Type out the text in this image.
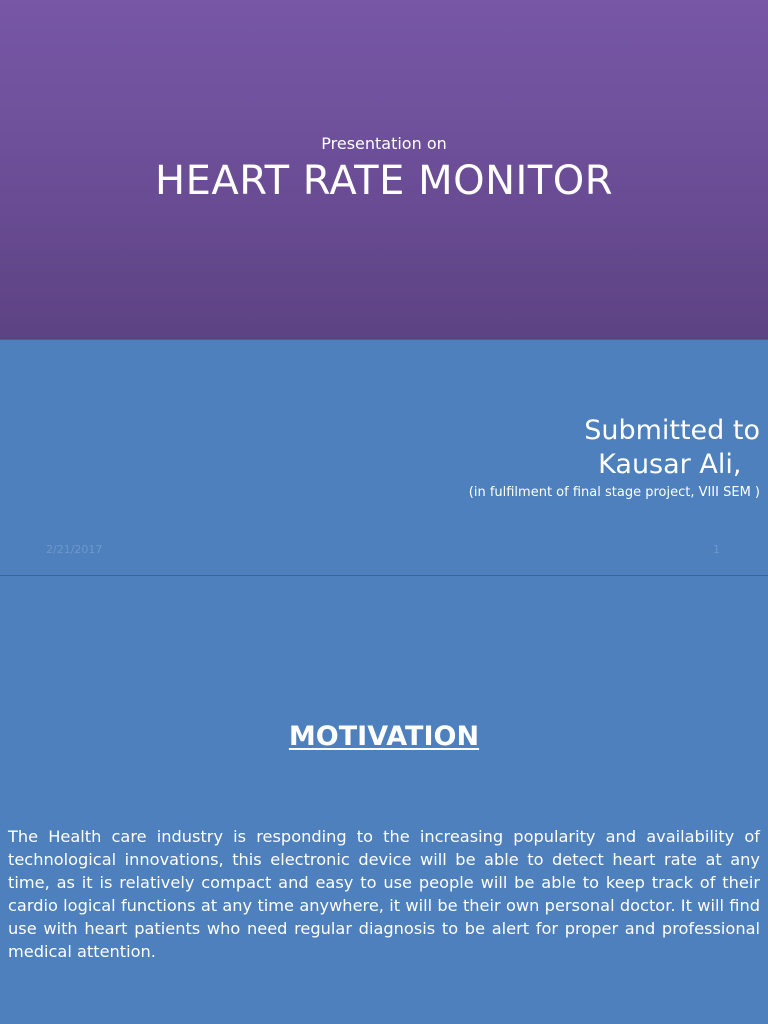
Presentation on
HEART RATE MONITOR
Submitted to
Kausar Ali,
(in fulfilment of final stage project, VIII SEM )
2/21/2017	1
MOTIVATION
The Health care industry is responding to the increasing popularity and availability of technological innovations, this electronic device will be able to detect heart rate at any time, as it is relatively compact and easy to use people will be able to keep track of their cardio logical functions at any time anywhere, it will be their own personal doctor. It will find use with heart patients who need regular diagnosis to be alert for proper and professional medical attention.
